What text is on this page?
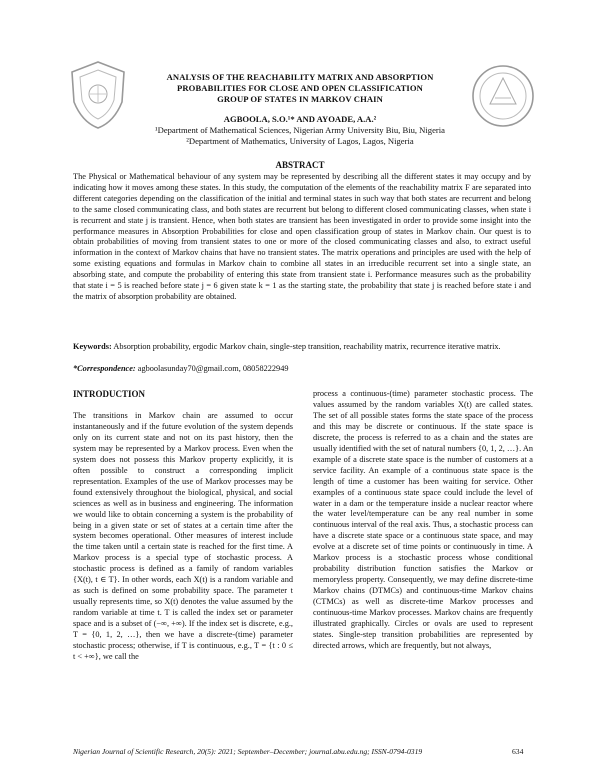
ANALYSIS OF THE REACHABILITY MATRIX AND ABSORPTION
PROBABILITIES FOR CLOSE AND OPEN CLASSIFICATION
GROUP OF STATES IN MARKOV CHAIN
AGBOOLA, S.O.¹* AND AYOADE, A.A.²
¹Department of Mathematical Sciences, Nigerian Army University Biu, Biu, Nigeria
²Department of Mathematics, University of Lagos, Lagos, Nigeria
ABSTRACT
The Physical or Mathematical behaviour of any system may be represented by describing all the different states it may occupy and by indicating how it moves among these states. In this study, the computation of the elements of the reachability matrix F are separated into different categories depending on the classification of the initial and terminal states in such way that both states are recurrent and belong to the same closed communicating class, and both states are recurrent but belong to different closed communicating classes, when state i is recurrent and state j is transient. Hence, when both states are transient has been investigated in order to provide some insight into the performance measures in Absorption Probabilities for close and open classification group of states in Markov chain. Our quest is to obtain probabilities of moving from transient states to one or more of the closed communicating classes and also, to extract useful information in the context of Markov chains that have no transient states. The matrix operations and principles are used with the help of some existing equations and formulas in Markov chain to combine all states in an irreducible recurrent set into a single state, an absorbing state, and compute the probability of entering this state from transient state i. Performance measures such as the probability that state i = 5 is reached before state j = 6 given state k = 1 as the starting state, the probability that state j is reached before state i and the matrix of absorption probability are obtained.
Keywords: Absorption probability, ergodic Markov chain, single-step transition, reachability matrix, recurrence iterative matrix.
*Correspondence: agboolasunday70@gmail.com, 08058222949
INTRODUCTION

The transitions in Markov chain are assumed to occur instantaneously and if the future evolution of the system depends only on its current state and not on its past history, then the system may be represented by a Markov process. Even when the system does not possess this Markov property explicitly, it is often possible to construct a corresponding implicit representation. Examples of the use of Markov processes may be found extensively throughout the biological, physical, and social sciences as well as in business and engineering. The information we would like to obtain concerning a system is the probability of being in a given state or set of states at a certain time after the system becomes operational. Other measures of interest include the time taken until a certain state is reached for the first time. A Markov process is a special type of stochastic process. A stochastic process is defined as a family of random variables {X(t), t ∈ T}. In other words, each X(t) is a random variable and as such is defined on some probability space. The parameter t usually represents time, so X(t) denotes the value assumed by the random variable at time t. T is called the index set or parameter space and is a subset of (−∞, +∞). If the index set is discrete, e.g., T = {0, 1, 2, …}, then we have a discrete-(time) parameter stochastic process; otherwise, if T is continuous, e.g., T = {t : 0 ≤ t < +∞}, we call the

process a continuous-(time) parameter stochastic process. The values assumed by the random variables X(t) are called states. The set of all possible states forms the state space of the process and this may be discrete or continuous. If the state space is discrete, the process is referred to as a chain and the states are usually identified with the set of natural numbers {0, 1, 2, …}. An example of a discrete state space is the number of customers at a service facility. An example of a continuous state space is the length of time a customer has been waiting for service. Other examples of a continuous state space could include the level of water in a dam or the temperature inside a nuclear reactor where the water level/temperature can be any real number in some continuous interval of the real axis. Thus, a stochastic process can have a discrete state space or a continuous state space, and may evolve at a discrete set of time points or continuously in time. A Markov process is a stochastic process whose conditional probability distribution function satisfies the Markov or memoryless property. Consequently, we may define discrete-time Markov chains (DTMCs) and continuous-time Markov chains (CTMCs) as well as discrete-time Markov processes and continuous-time Markov processes. Markov chains are frequently illustrated graphically. Circles or ovals are used to represent states. Single-step transition probabilities are represented by directed arrows, which are frequently, but not always,

Nigerian Journal of Scientific Research, 20(5): 2021; September–December; journal.abu.edu.ng; ISSN-0794-0319	634
